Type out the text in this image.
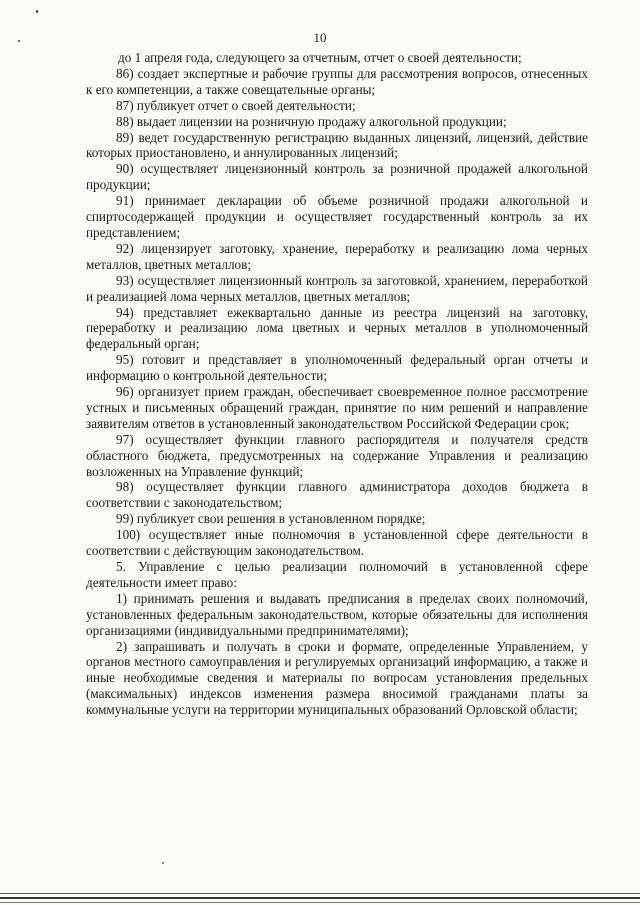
10

до 1 апреля года, следующего за отчетным, отчет о своей деятельности;

86) создает экспертные и рабочие группы для рассмотрения вопросов, отнесенных к его компетенции, а также совещательные органы;

87) публикует отчет о своей деятельности;

88) выдает лицензии на розничную продажу алкогольной продукции;

89) ведет государственную регистрацию выданных лицензий, лицензий, действие которых приостановлено, и аннулированных лицензий;

90) осуществляет лицензионный контроль за розничной продажей алкогольной продукции;

91) принимает декларации об объеме розничной продажи алкогольной и спиртосодержащей продукции и осуществляет государственный контроль за их представлением;

92) лицензирует заготовку, хранение, переработку и реализацию лома черных металлов, цветных металлов;

93) осуществляет лицензионный контроль за заготовкой, хранением, переработкой и реализацией лома черных металлов, цветных металлов;

94) представляет ежеквартально данные из реестра лицензий на заготовку, переработку и реализацию лома цветных и черных металлов в уполномоченный федеральный орган;

95) готовит и представляет в уполномоченный федеральный орган отчеты и информацию о контрольной деятельности;

96) организует прием граждан, обеспечивает своевременное полное рассмотрение устных и письменных обращений граждан, принятие по ним решений и направление заявителям ответов в установленный законодательством Российской Федерации срок;

97) осуществляет функции главного распорядителя и получателя средств областного бюджета, предусмотренных на содержание Управления и реализацию возложенных на Управление функций;

98) осуществляет функции главного администратора доходов бюджета в соответствии с законодательством;

99) публикует свои решения в установленном порядке;

100) осуществляет иные полномочия в установленной сфере деятельности в соответствии с действующим законодательством.

5. Управление с целью реализации полномочий в установленной сфере деятельности имеет право:

1) принимать решения и выдавать предписания в пределах своих полномочий, установленных федеральным законодательством, которые обязательны для исполнения организациями (индивидуальными предпринимателями);

2) запрашивать и получать в сроки и формате, определенные Управлением, у органов местного самоуправления и регулируемых организаций информацию, а также и иные необходимые сведения и материалы по вопросам установления предельных (максимальных) индексов изменения размера вносимой гражданами платы за коммунальные услуги на территории муниципальных образований Орловской области;
